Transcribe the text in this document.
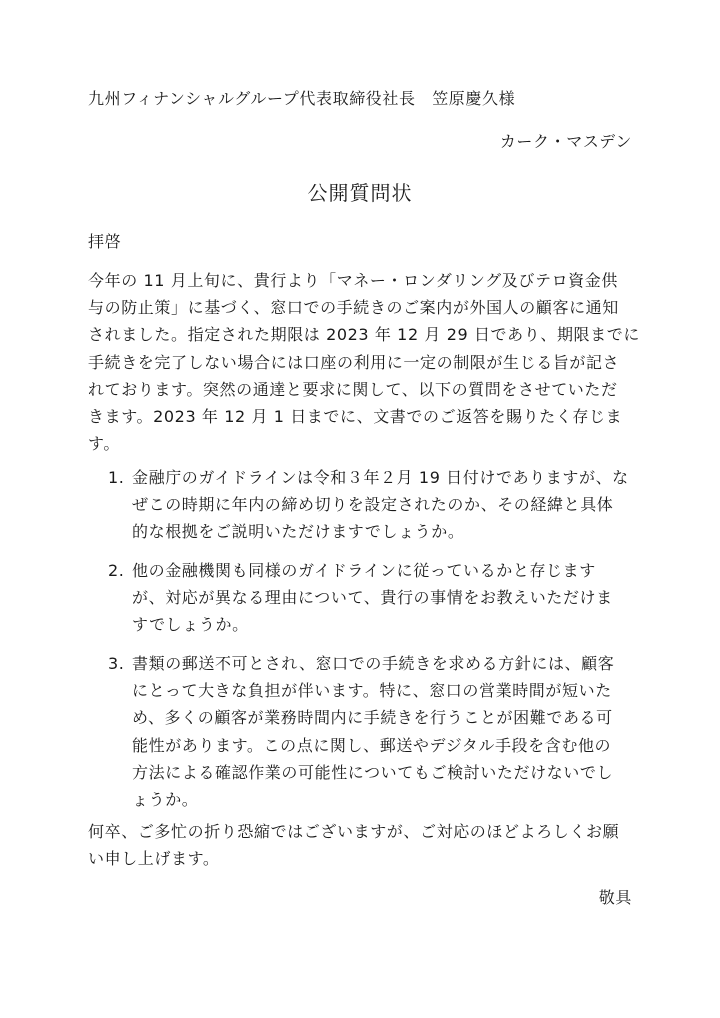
九州フィナンシャルグループ代表取締役社長　笠原慶久様
カーク・マスデン
公開質問状
拝啓
今年の 11 月上旬に、貴行より「マネー・ロンダリング及びテロ資金供
与の防止策」に基づく、窓口での手続きのご案内が外国人の顧客に通知
されました。指定された期限は 2023 年 12 月 29 日であり、期限までに
手続きを完了しない場合には口座の利用に一定の制限が生じる旨が記さ
れております。突然の通達と要求に関して、以下の質問をさせていただ
きます。2023 年 12 月 1 日までに、文書でのご返答を賜りたく存じま
す。
1. 金融庁のガイドラインは令和３年２月 19 日付けでありますが、な
ぜこの時期に年内の締め切りを設定されたのか、その経緯と具体
的な根拠をご説明いただけますでしょうか。
2. 他の金融機関も同様のガイドラインに従っているかと存じます
が、対応が異なる理由について、貴行の事情をお教えいただけま
すでしょうか。
3. 書類の郵送不可とされ、窓口での手続きを求める方針には、顧客
にとって大きな負担が伴います。特に、窓口の営業時間が短いた
め、多くの顧客が業務時間内に手続きを行うことが困難である可
能性があります。この点に関し、郵送やデジタル手段を含む他の
方法による確認作業の可能性についてもご検討いただけないでし
ょうか。
何卒、ご多忙の折り恐縮ではございますが、ご対応のほどよろしくお願
い申し上げます。
敬具
